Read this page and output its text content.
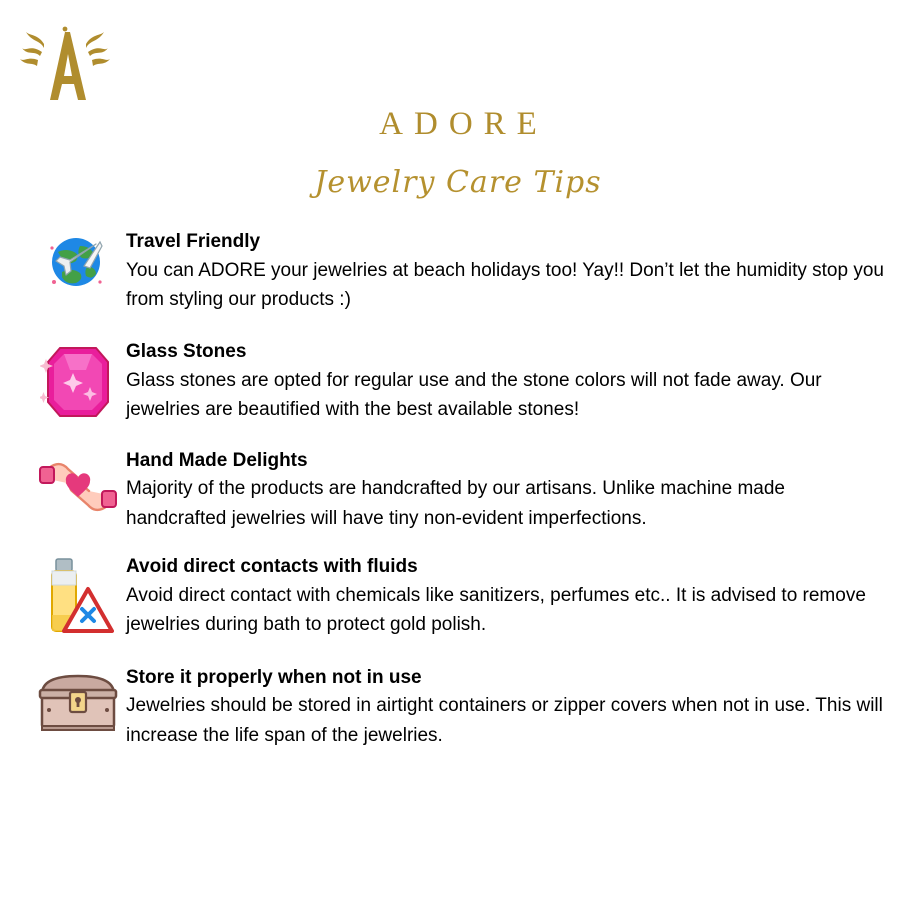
ADORE
Jewelry Care Tips
Travel Friendly
You can ADORE your jewelries at beach holidays too! Yay!! Don’t let the humidity stop you from styling our products :)
Glass Stones
Glass stones are opted for regular use and the stone colors will not fade away. Our jewelries are beautified with the best available stones!
Hand Made Delights
Majority of the products are handcrafted by our artisans. Unlike machine made handcrafted jewelries will have tiny non-evident imperfections.
Avoid direct contacts with fluids
Avoid direct contact with chemicals like sanitizers, perfumes etc.. It is advised to remove jewelries during bath to protect gold polish.
Store it properly when not in use
Jewelries should be stored in airtight containers or zipper covers when not in use. This will increase the life span of the jewelries.
